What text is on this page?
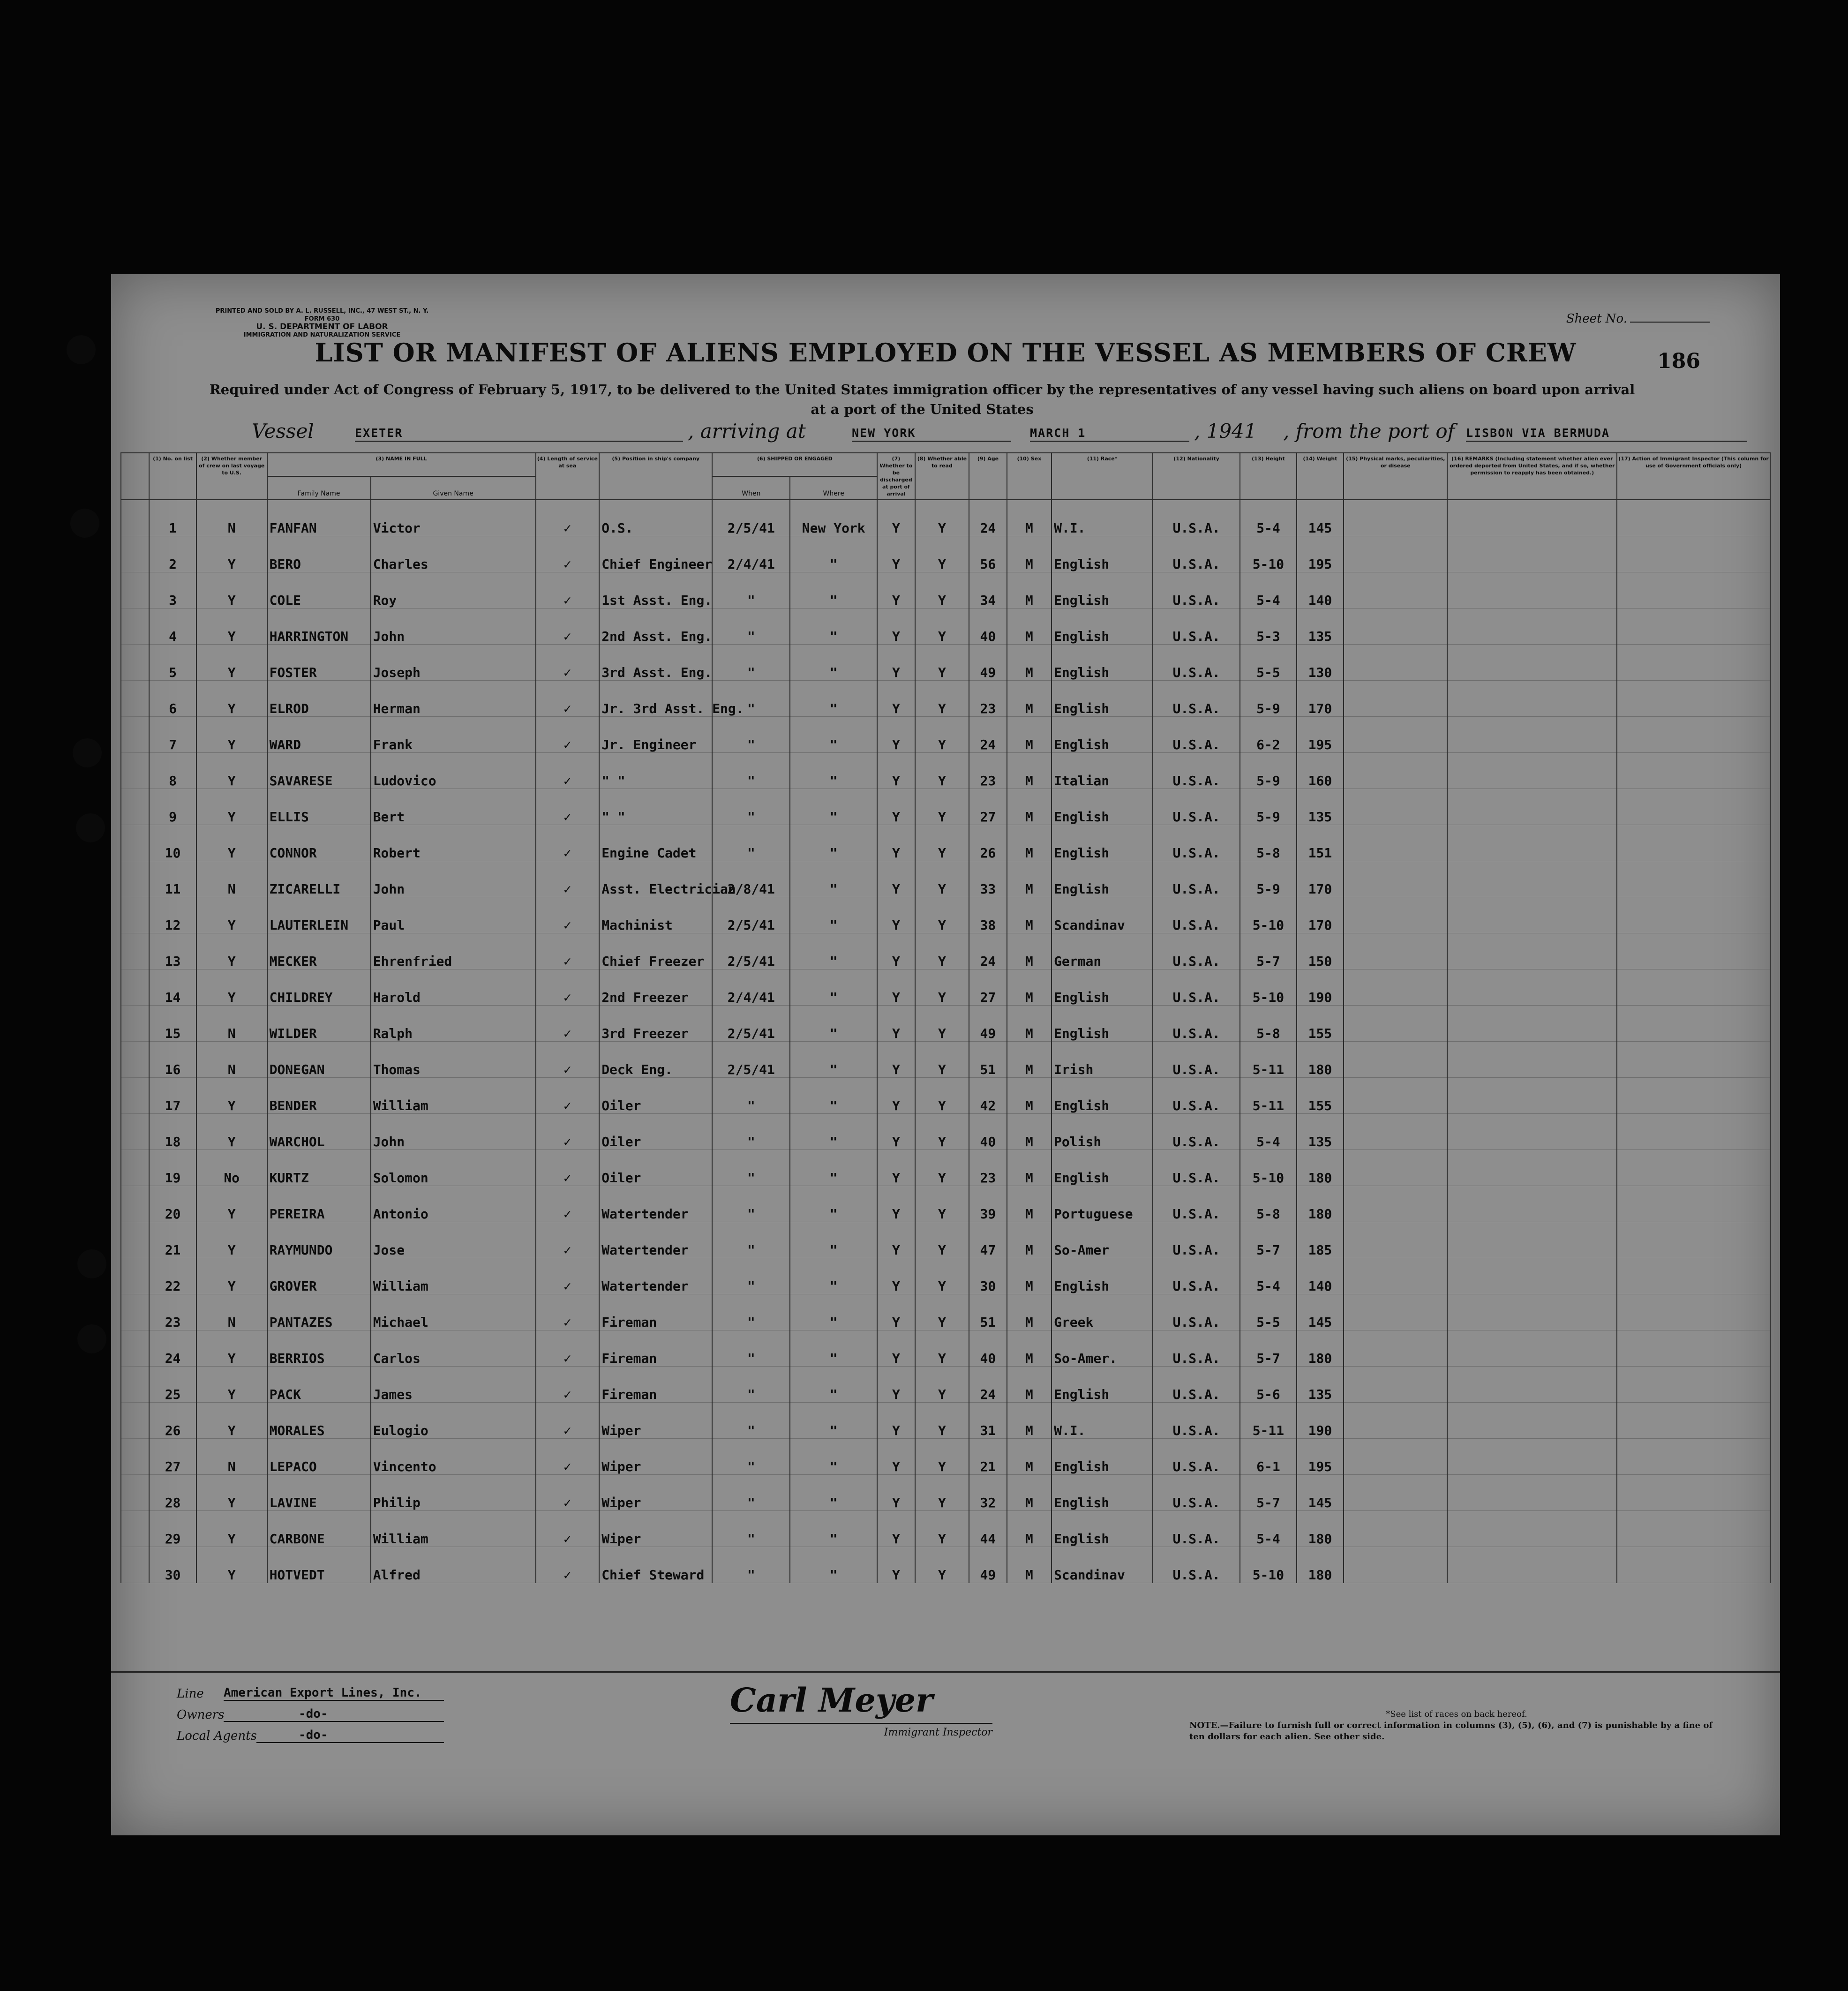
PRINTED AND SOLD BY A. L. RUSSELL, INC., 47 WEST ST., N. Y.
FORM 630
U. S. DEPARTMENT OF LABOR
IMMIGRATION AND NATURALIZATION SERVICE
Sheet No.
LIST OR MANIFEST OF ALIENS EMPLOYED ON THE VESSEL AS MEMBERS OF CREW	186
Required under Act of Congress of February 5, 1917, to be delivered to the United States immigration officer by the representatives of any vessel having such aliens on board upon arrival at a port of the United States
Vessel	EXETER	, arriving at	NEW YORK	MARCH 1	, 1941 , from the port of LISBON VIA BERMUDA
	(1) No. on list	(2) Whether member of crew on last voyage to U.S.	(3) NAME IN FULL		(4) Length of service at sea	(5) Position in ship's company	(6) SHIPPED OR ENGAGED		(7) Whether to be discharged at port of arrival	(8) Whether able to read	(9) Age	(10) Sex	(11) Race*	(12) Nationality	(13) Height	(14) Weight	(15) Physical marks, peculiarities, or disease	(16) REMARKS (Including statement whether alien ever ordered deported from United States, and if so, whether permission to reapply has been obtained.)	(17) Action of Immigrant Inspector (This column for use of Government officials only)
			Family Name	Given Name			When	Where											
	1	N	FANFAN	Victor	✓	O.S.	2/5/41	New York	Y	Y	24	M	W.I.	U.S.A.	5-4	145			
	2	Y	BERO	Charles	✓	Chief Engineer	2/4/41	"	Y	Y	56	M	English	U.S.A.	5-10	195			
	3	Y	COLE	Roy	✓	1st Asst. Eng.	"	"	Y	Y	34	M	English	U.S.A.	5-4	140			
	4	Y	HARRINGTON	John	✓	2nd Asst. Eng.	"	"	Y	Y	40	M	English	U.S.A.	5-3	135			
	5	Y	FOSTER	Joseph	✓	3rd Asst. Eng.	"	"	Y	Y	49	M	English	U.S.A.	5-5	130			
	6	Y	ELROD	Herman	✓	Jr. 3rd Asst. Eng.	"	"	Y	Y	23	M	English	U.S.A.	5-9	170			
	7	Y	WARD	Frank	✓	Jr. Engineer	"	"	Y	Y	24	M	English	U.S.A.	6-2	195			
	8	Y	SAVARESE	Ludovico	✓	" "	"	"	Y	Y	23	M	Italian	U.S.A.	5-9	160			
	9	Y	ELLIS	Bert	✓	" "	"	"	Y	Y	27	M	English	U.S.A.	5-9	135			
	10	Y	CONNOR	Robert	✓	Engine Cadet	"	"	Y	Y	26	M	English	U.S.A.	5-8	151			
	11	N	ZICARELLI	John	✓	Asst. Electrician	2/8/41	"	Y	Y	33	M	English	U.S.A.	5-9	170			
	12	Y	LAUTERLEIN	Paul	✓	Machinist	2/5/41	"	Y	Y	38	M	Scandinav	U.S.A.	5-10	170			
	13	Y	MECKER	Ehrenfried	✓	Chief Freezer	2/5/41	"	Y	Y	24	M	German	U.S.A.	5-7	150			
	14	Y	CHILDREY	Harold	✓	2nd Freezer	2/4/41	"	Y	Y	27	M	English	U.S.A.	5-10	190			
	15	N	WILDER	Ralph	✓	3rd Freezer	2/5/41	"	Y	Y	49	M	English	U.S.A.	5-8	155			
	16	N	DONEGAN	Thomas	✓	Deck Eng.	2/5/41	"	Y	Y	51	M	Irish	U.S.A.	5-11	180			
	17	Y	BENDER	William	✓	Oiler	"	"	Y	Y	42	M	English	U.S.A.	5-11	155			
	18	Y	WARCHOL	John	✓	Oiler	"	"	Y	Y	40	M	Polish	U.S.A.	5-4	135			
	19	No	KURTZ	Solomon	✓	Oiler	"	"	Y	Y	23	M	English	U.S.A.	5-10	180			
	20	Y	PEREIRA	Antonio	✓	Watertender	"	"	Y	Y	39	M	Portuguese	U.S.A.	5-8	180			
	21	Y	RAYMUNDO	Jose	✓	Watertender	"	"	Y	Y	47	M	So-Amer	U.S.A.	5-7	185			
	22	Y	GROVER	William	✓	Watertender	"	"	Y	Y	30	M	English	U.S.A.	5-4	140			
	23	N	PANTAZES	Michael	✓	Fireman	"	"	Y	Y	51	M	Greek	U.S.A.	5-5	145			
	24	Y	BERRIOS	Carlos	✓	Fireman	"	"	Y	Y	40	M	So-Amer.	U.S.A.	5-7	180			
	25	Y	PACK	James	✓	Fireman	"	"	Y	Y	24	M	English	U.S.A.	5-6	135			
	26	Y	MORALES	Eulogio	✓	Wiper	"	"	Y	Y	31	M	W.I.	U.S.A.	5-11	190			
	27	N	LEPACO	Vincento	✓	Wiper	"	"	Y	Y	21	M	English	U.S.A.	6-1	195			
	28	Y	LAVINE	Philip	✓	Wiper	"	"	Y	Y	32	M	English	U.S.A.	5-7	145			
	29	Y	CARBONE	William	✓	Wiper	"	"	Y	Y	44	M	English	U.S.A.	5-4	180			
	30	Y	HOTVEDT	Alfred	✓	Chief Steward	"	"	Y	Y	49	M	Scandinav	U.S.A.	5-10	180			
Line American Export Lines, Inc.
Owners	-do-
Local Agents	-do-
Carl Meyer
Immigrant Inspector
*See list of races on back hereof.
NOTE.—Failure to furnish full or correct information in columns (3), (5), (6), and (7) is punishable by a fine of ten dollars for each alien. See other side.
